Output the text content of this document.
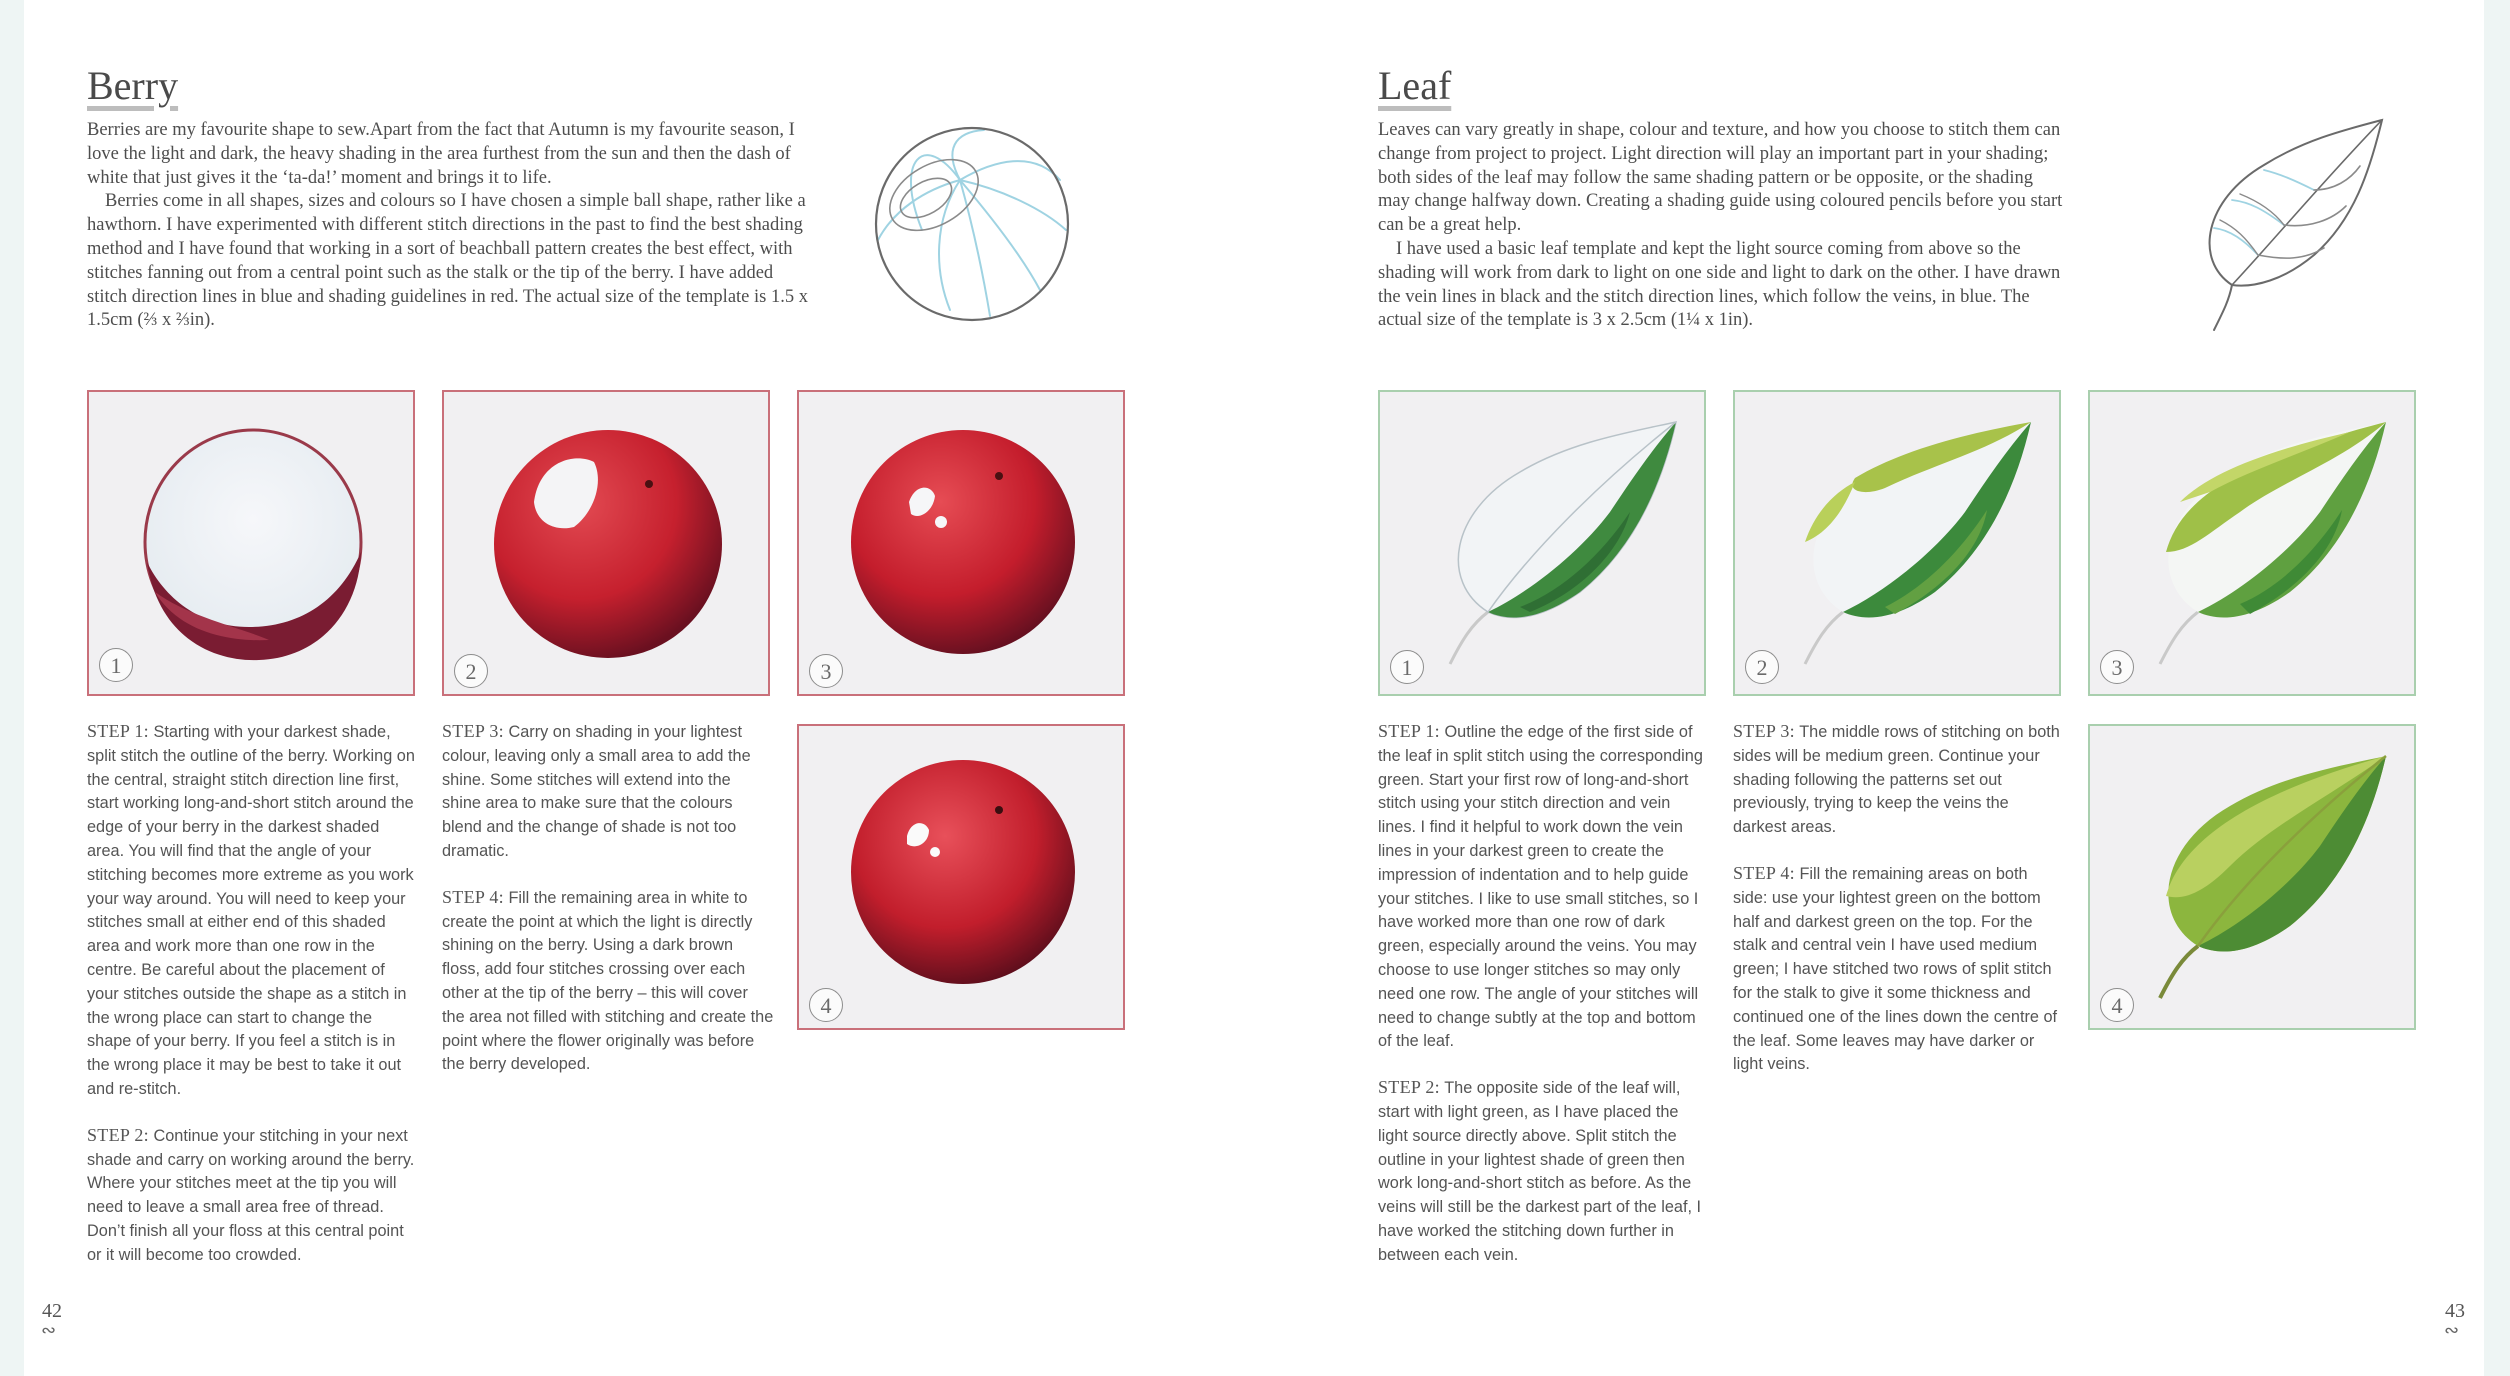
Berry

Berries are my favourite shape to sew.Apart from the fact that Autumn is my favourite season, I love the light and dark, the heavy shading in the area furthest from the sun and then the dash of white that just gives it the ‘ta-da!’ moment and brings it to life.

Berries come in all shapes, sizes and colours so I have chosen a simple ball shape, rather like a hawthorn. I have experimented with different stitch directions in the past to find the best shading method and I have found that working in a sort of beachball pattern creates the best effect, with stitches fanning out from a central point such as the stalk or the tip of the berry. I have added stitch direction lines in blue and shading guidelines in red. The actual size of the template is 1.5 x 1.5cm (⅔ x ⅔in).

1	2	3
4

STEP 1: Starting with your darkest shade, split stitch the outline of the berry. Working on the central, straight stitch direction line first, start working long-and-short stitch around the edge of your berry in the darkest shaded area. You will find that the angle of your stitching becomes more extreme as you work your way around. You will need to keep your stitches small at either end of this shaded area and work more than one row in the centre. Be careful about the placement of your stitches outside the shape as a stitch in the wrong place can start to change the shape of your berry. If you feel a stitch is in the wrong place it may be best to take it out and re-stitch.

STEP 2: Continue your stitching in your next shade and carry on working around the berry. Where your stitches meet at the tip you will need to leave a small area free of thread. Don’t finish all your floss at this central point or it will become too crowded.

STEP 3: Carry on shading in your lightest colour, leaving only a small area to add the shine. Some stitches will extend into the shine area to make sure that the colours blend and the change of shade is not too dramatic.

STEP 4: Fill the remaining area in white to create the point at which the light is directly shining on the berry. Using a dark brown floss, add four stitches crossing over each other at the tip of the berry – this will cover the area not filled with stitching and create the point where the flower originally was before the berry developed.

42
∾
Leaf

Leaves can vary greatly in shape, colour and texture, and how you choose to stitch them can change from project to project. Light direction will play an important part in your shading; both sides of the leaf may follow the same shading pattern or be opposite, or the shading may change halfway down. Creating a shading guide using coloured pencils before you start can be a great help.

I have used a basic leaf template and kept the light source coming from above so the shading will work from dark to light on one side and light to dark on the other. I have drawn the vein lines in black and the stitch direction lines, which follow the veins, in blue. The actual size of the template is 3 x 2.5cm (1¼ x 1in).

1	2	3
4

STEP 1: Outline the edge of the first side of the leaf in split stitch using the corresponding green. Start your first row of long-and-short stitch using your stitch direction and vein lines. I find it helpful to work down the vein lines in your darkest green to create the impression of indentation and to help guide your stitches. I like to use small stitches, so I have worked more than one row of dark green, especially around the veins. You may choose to use longer stitches so may only need one row. The angle of your stitches will need to change subtly at the top and bottom of the leaf.

STEP 2: The opposite side of the leaf will, start with light green, as I have placed the light source directly above. Split stitch the outline in your lightest shade of green then work long-and-short stitch as before. As the veins will still be the darkest part of the leaf, I have worked the stitching down further in between each vein.

STEP 3: The middle rows of stitching on both sides will be medium green. Continue your shading following the patterns set out previously, trying to keep the veins the darkest areas.

STEP 4: Fill the remaining areas on both side: use your lightest green on the bottom half and darkest green on the top. For the stalk and central vein I have used medium green; I have stitched two rows of split stitch for the stalk to give it some thickness and continued one of the lines down the centre of the leaf. Some leaves may have darker or light veins.

43
∾
